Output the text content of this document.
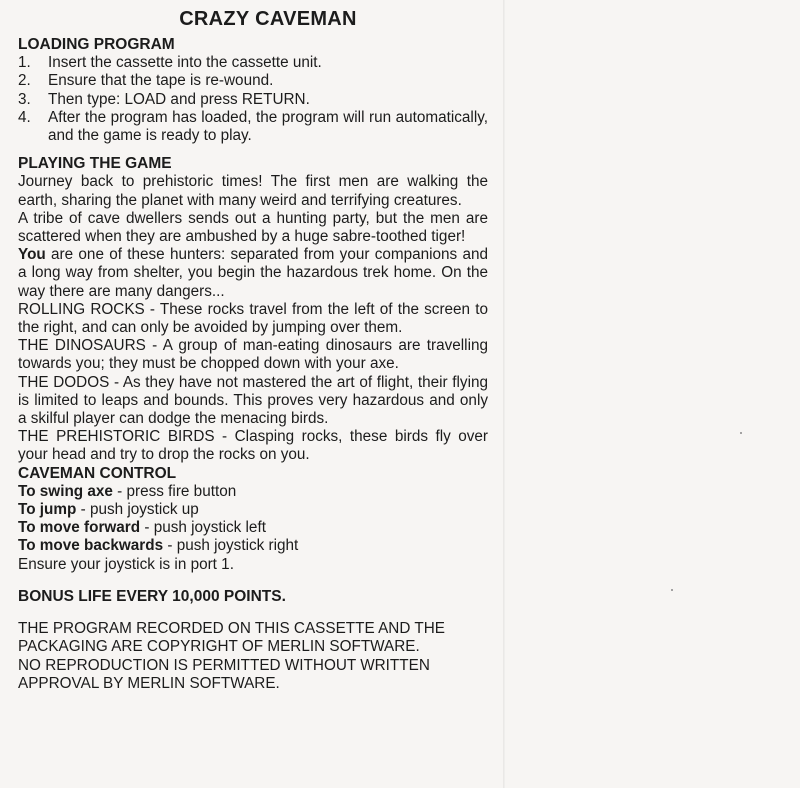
CRAZY CAVEMAN
LOADING PROGRAM
1.	Insert the cassette into the cassette unit.
2.	Ensure that the tape is re-wound.
3.	Then type: LOAD and press RETURN.
4.	After the program has loaded, the program will run automatically, and the game is ready to play.
PLAYING THE GAME

Journey back to prehistoric times! The first men are walking the earth, sharing the planet with many weird and terrifying creatures.

A tribe of cave dwellers sends out a hunting party, but the men are scattered when they are ambushed by a huge sabre-toothed tiger!

You are one of these hunters: separated from your companions and a long way from shelter, you begin the hazardous trek home. On the way there are many dangers...

ROLLING ROCKS - These rocks travel from the left of the screen to the right, and can only be avoided by jumping over them.

THE DINOSAURS - A group of man-eating dinosaurs are travelling towards you; they must be chopped down with your axe.

THE DODOS - As they have not mastered the art of flight, their flying is limited to leaps and bounds. This proves very hazardous and only a skilful player can dodge the menacing birds.

THE PREHISTORIC BIRDS - Clasping rocks, these birds fly over your head and try to drop the rocks on you.

CAVEMAN CONTROL
To swing axe - press fire button
To jump - push joystick up
To move forward - push joystick left
To move backwards - push joystick right

Ensure your joystick is in port 1.

BONUS LIFE EVERY 10,000 POINTS.
THE PROGRAM RECORDED ON THIS CASSETTE AND THE
PACKAGING ARE COPYRIGHT OF MERLIN SOFTWARE.
NO REPRODUCTION IS PERMITTED WITHOUT WRITTEN
APPROVAL BY MERLIN SOFTWARE.
